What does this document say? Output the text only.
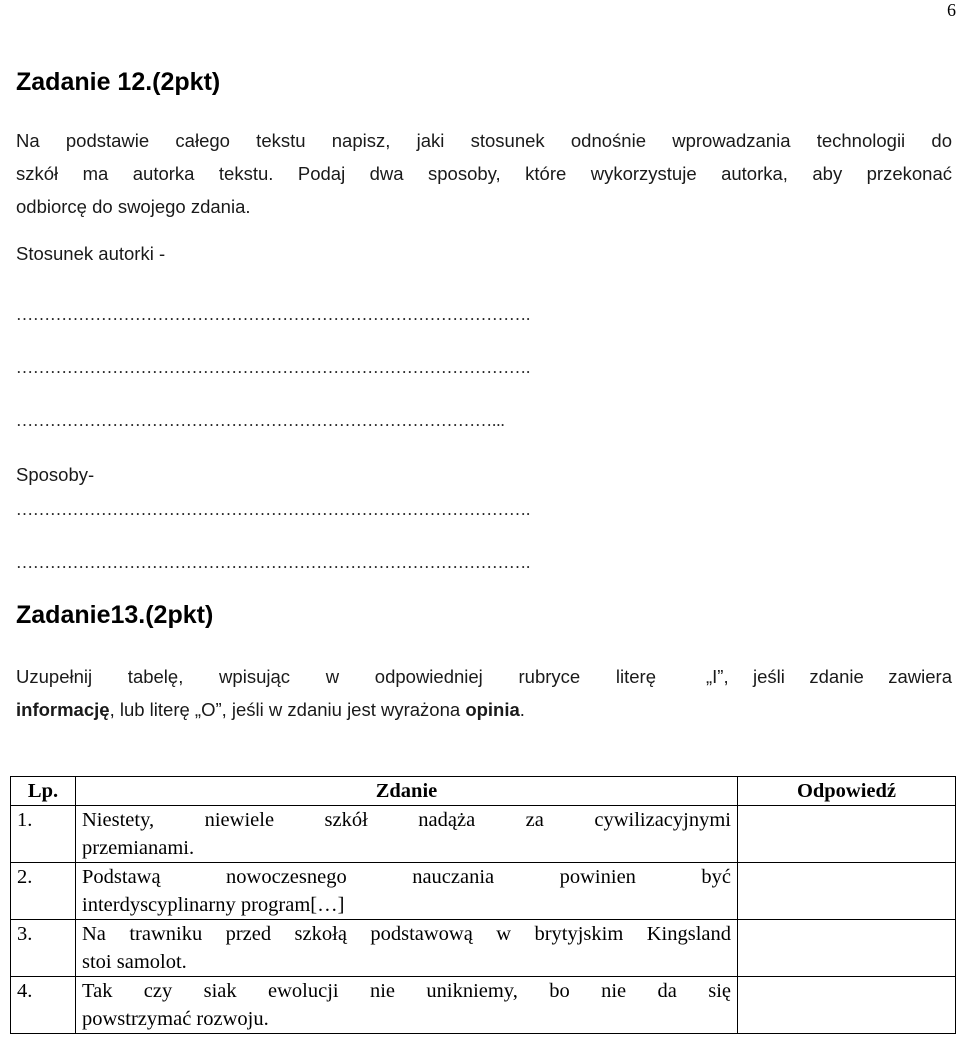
6
Zadanie 12.(2pkt)
Na podstawie całego tekstu napisz, jaki stosunek odnośnie wprowadzania technologii do
szkół ma autorka tekstu. Podaj dwa sposoby, które wykorzystuje autorka, aby przekonać
odbiorcę do swojego zdania.
Stosunek autorki -
……………………………………………………………………………….
……………………………………………………………………………….
…………………………………………………………………………...
Sposoby-
……………………………………………………………………………….
……………………………………………………………………………….
Zadanie13.(2pkt)
Uzupełnij tabelę, wpisując w odpowiedniej rubryce literę	„I”, jeśli zdanie zawiera
informację, lub literę „O”, jeśli w zdaniu jest wyrażona opinia.
Lp.	Zdanie	Odpowiedź
1.	Niestety, niewiele szkół nadąża za cywilizacyjnymi
przemianami.	
2.	Podstawą nowoczesnego nauczania powinien być
interdyscyplinarny program[…]	
3.	Na trawniku przed szkołą podstawową w brytyjskim Kingsland
stoi samolot.	
4.	Tak czy siak ewolucji nie unikniemy, bo nie da się
powstrzymać rozwoju.	
